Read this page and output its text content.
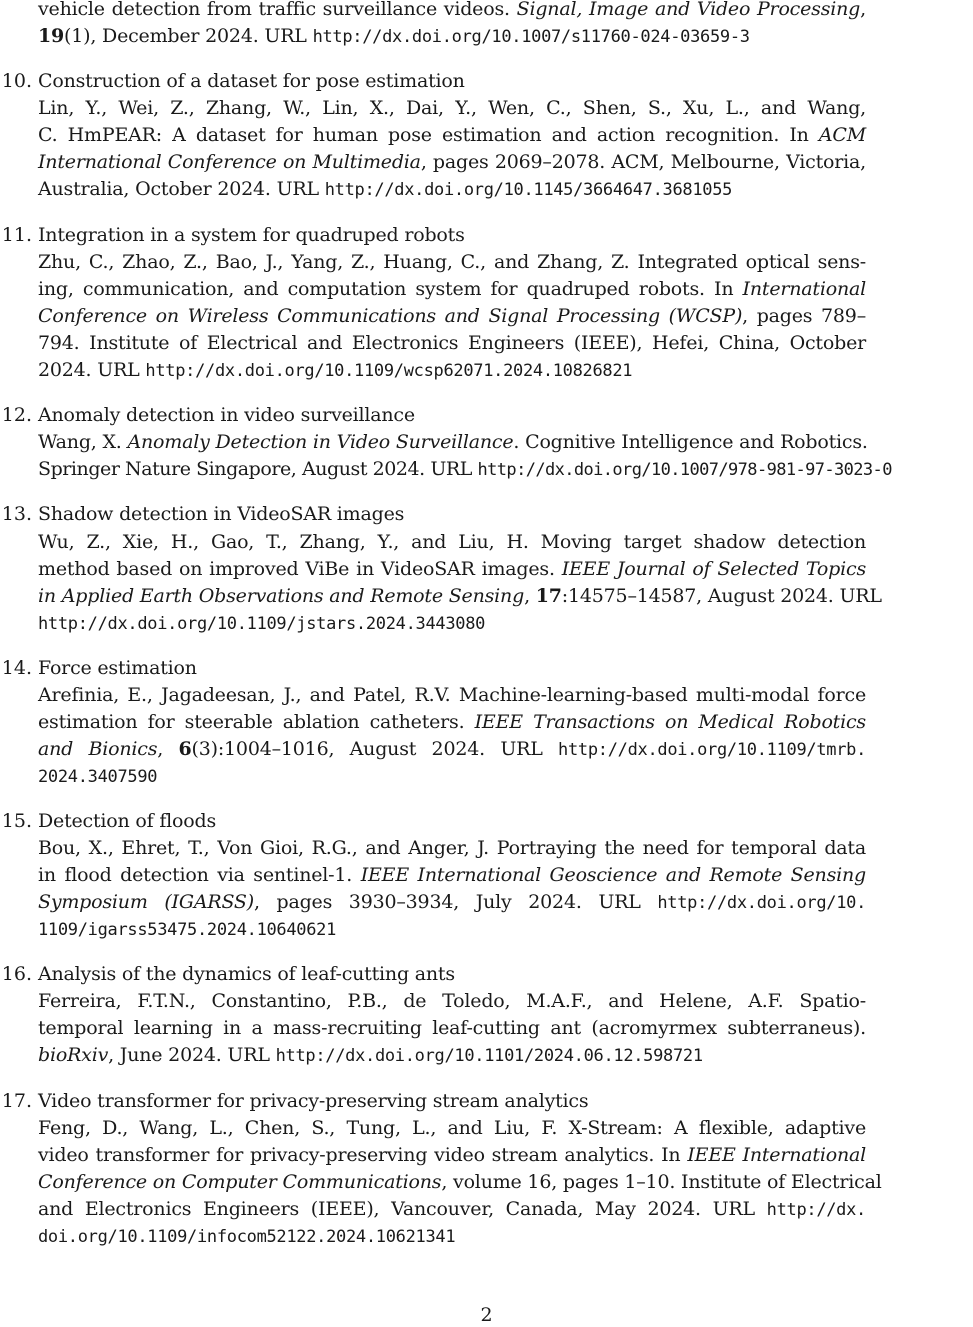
vehicle detection from traffic surveillance videos. Signal, Image and Video Processing,
19(1), December 2024. URL http://dx.doi.org/10.1007/s11760-024-03659-3
10. Construction of a dataset for pose estimation
Lin, Y., Wei, Z., Zhang, W., Lin, X., Dai, Y., Wen, C., Shen, S., Xu, L., and Wang,
C. HmPEAR: A dataset for human pose estimation and action recognition. In ACM
International Conference on Multimedia, pages 2069–2078. ACM, Melbourne, Victoria,
Australia, October 2024. URL http://dx.doi.org/10.1145/3664647.3681055
11. Integration in a system for quadruped robots
Zhu, C., Zhao, Z., Bao, J., Yang, Z., Huang, C., and Zhang, Z. Integrated optical sens-
ing, communication, and computation system for quadruped robots. In International
Conference on Wireless Communications and Signal Processing (WCSP), pages 789–
794. Institute of Electrical and Electronics Engineers (IEEE), Hefei, China, October
2024. URL http://dx.doi.org/10.1109/wcsp62071.2024.10826821
12. Anomaly detection in video surveillance
Wang, X. Anomaly Detection in Video Surveillance. Cognitive Intelligence and Robotics.
Springer Nature Singapore, August 2024. URL http://dx.doi.org/10.1007/978-981-97-3023-0
13. Shadow detection in VideoSAR images
Wu, Z., Xie, H., Gao, T., Zhang, Y., and Liu, H. Moving target shadow detection
method based on improved ViBe in VideoSAR images. IEEE Journal of Selected Topics
in Applied Earth Observations and Remote Sensing, 17:14575–14587, August 2024. URL
http://dx.doi.org/10.1109/jstars.2024.3443080
14. Force estimation
Arefinia, E., Jagadeesan, J., and Patel, R.V. Machine-learning-based multi-modal force
estimation for steerable ablation catheters. IEEE Transactions on Medical Robotics
and Bionics, 6(3):1004–1016, August 2024. URL http://dx.doi.org/10.1109/tmrb.
2024.3407590
15. Detection of floods
Bou, X., Ehret, T., Von Gioi, R.G., and Anger, J. Portraying the need for temporal data
in flood detection via sentinel-1. IEEE International Geoscience and Remote Sensing
Symposium (IGARSS), pages 3930–3934, July 2024. URL http://dx.doi.org/10.
1109/igarss53475.2024.10640621
16. Analysis of the dynamics of leaf-cutting ants
Ferreira, F.T.N., Constantino, P.B., de Toledo, M.A.F., and Helene, A.F. Spatio-
temporal learning in a mass-recruiting leaf-cutting ant (acromyrmex subterraneus).
bioRxiv, June 2024. URL http://dx.doi.org/10.1101/2024.06.12.598721
17. Video transformer for privacy-preserving stream analytics
Feng, D., Wang, L., Chen, S., Tung, L., and Liu, F. X-Stream: A flexible, adaptive
video transformer for privacy-preserving video stream analytics. In IEEE International
Conference on Computer Communications, volume 16, pages 1–10. Institute of Electrical
and Electronics Engineers (IEEE), Vancouver, Canada, May 2024. URL http://dx.
doi.org/10.1109/infocom52122.2024.10621341
2
